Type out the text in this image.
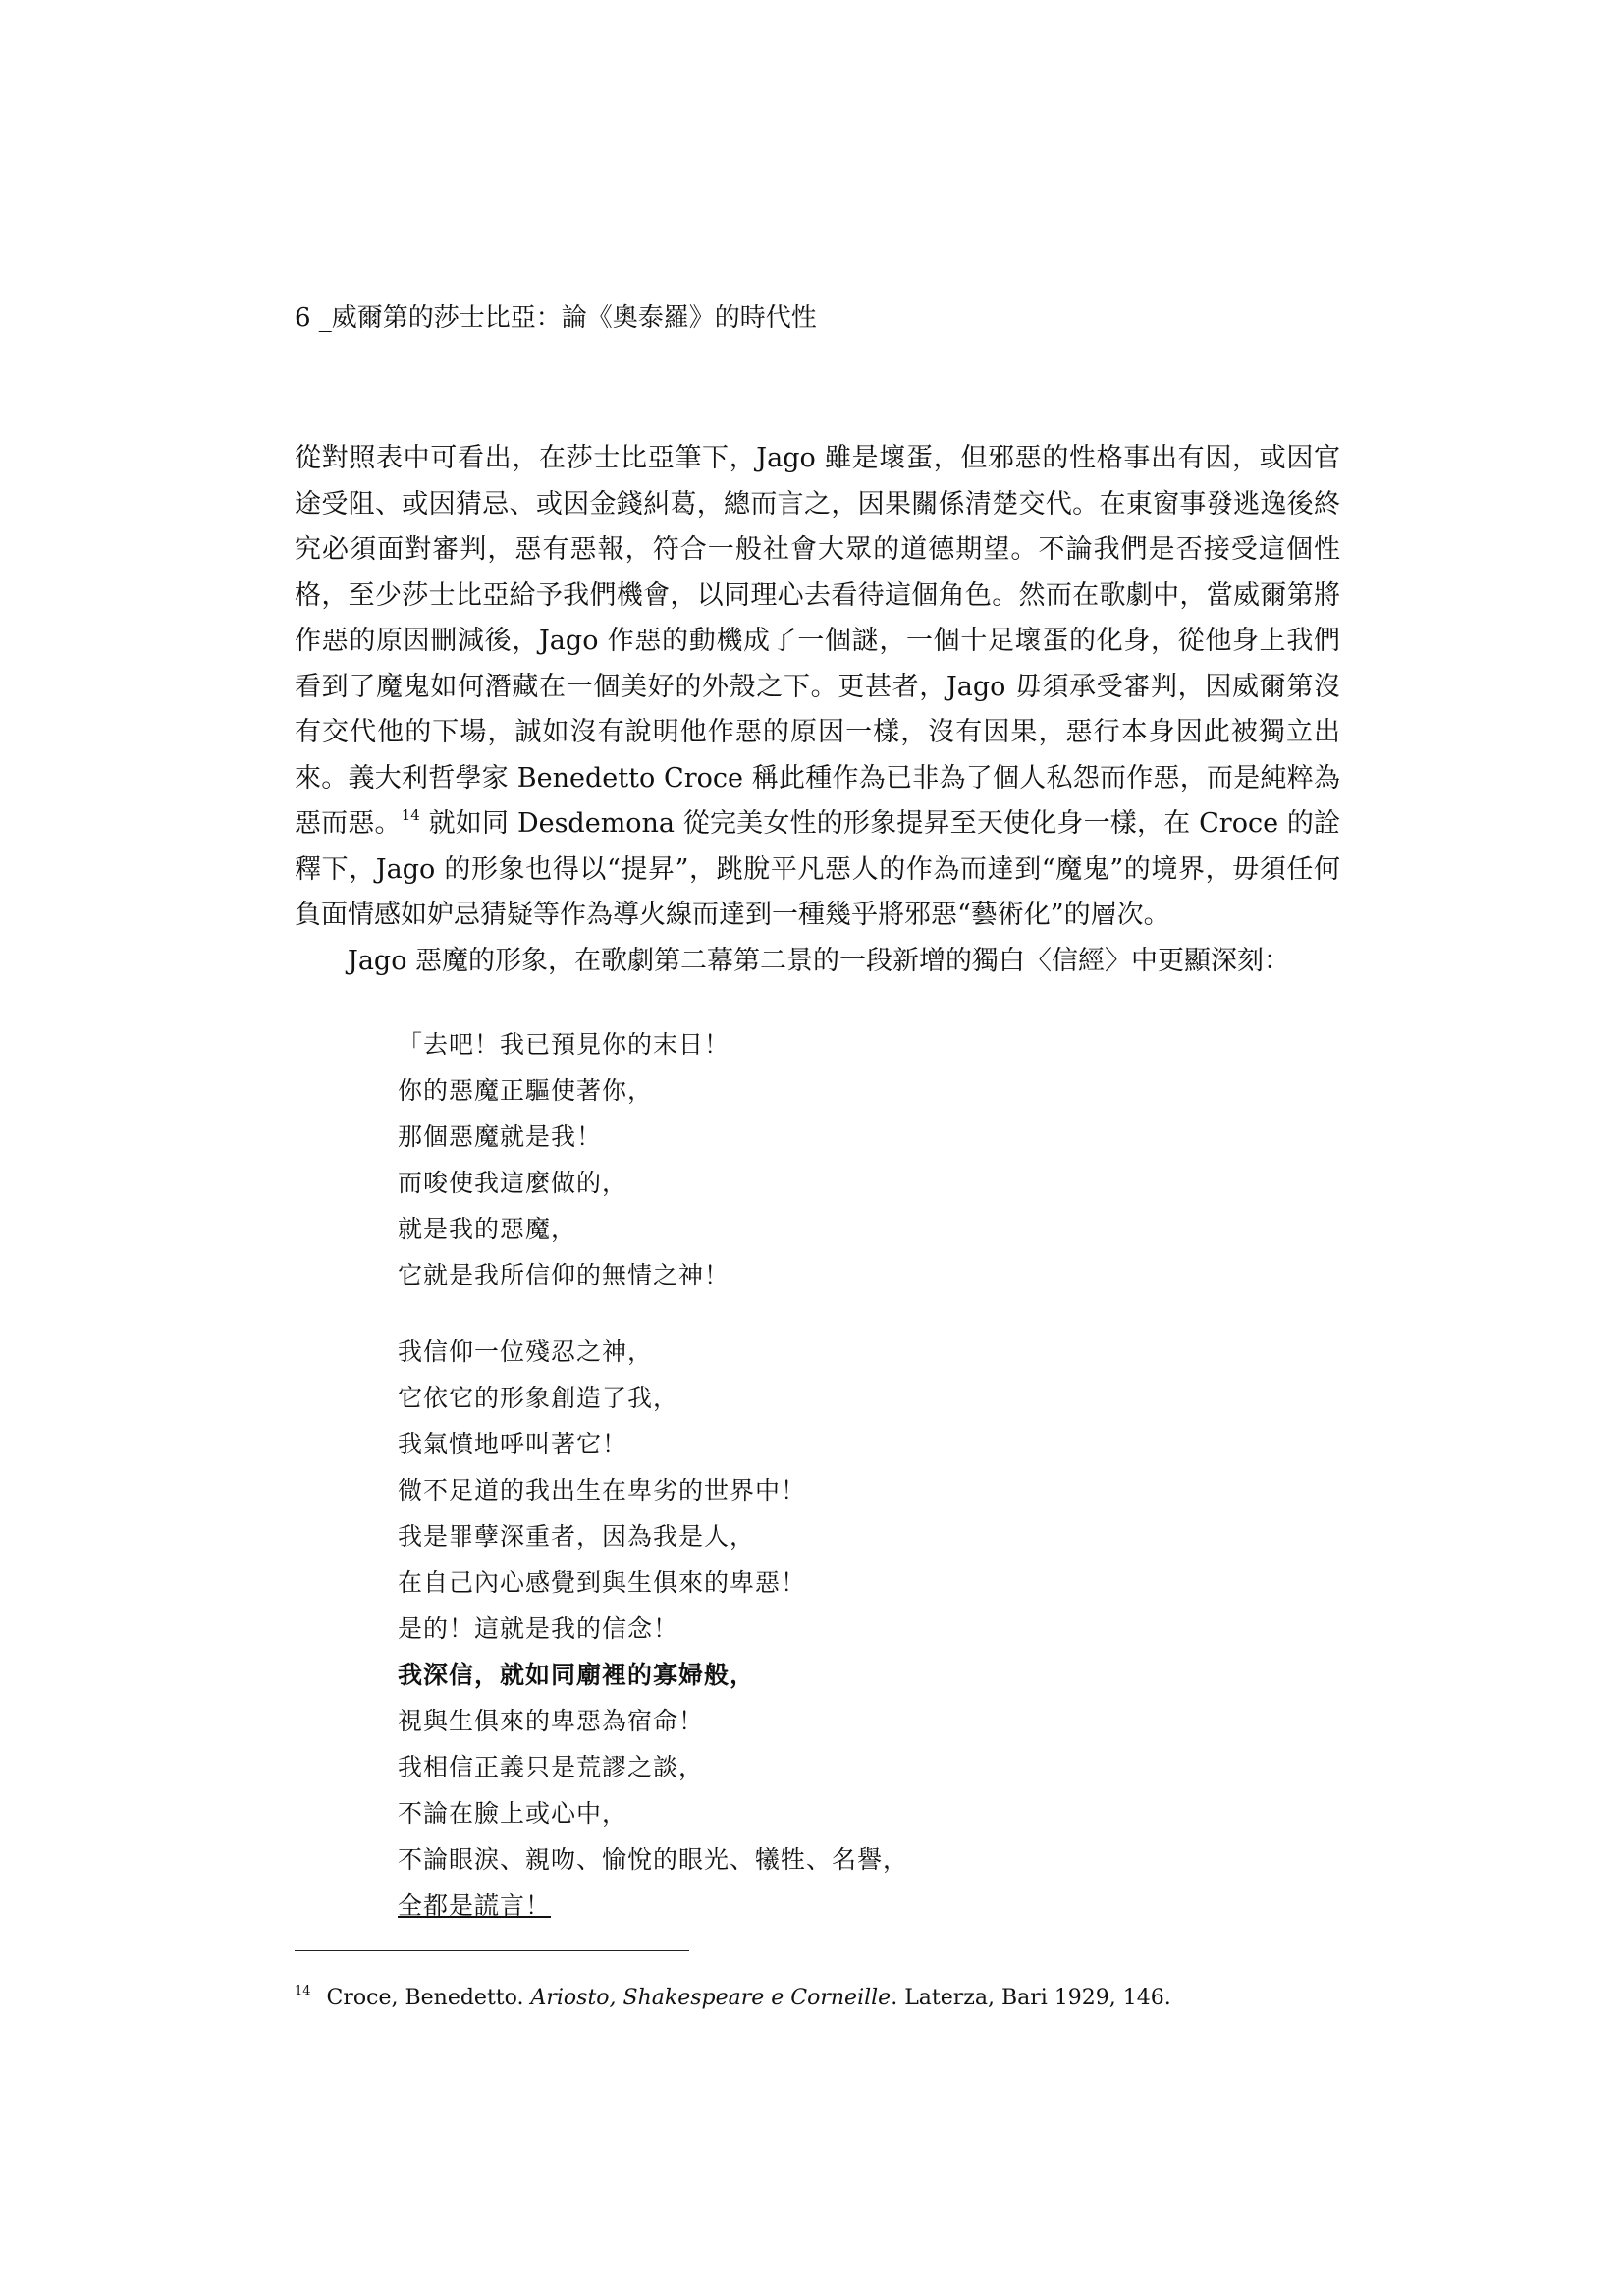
6 _威爾第的莎士比亞：論《奧泰羅》的時代性

從對照表中可看出，在莎士比亞筆下，Jago 雖是壞蛋，但邪惡的性格事出有因，或因官途受阻、或因猜忌、或因金錢糾葛，總而言之，因果關係清楚交代。在東窗事發逃逸後終究必須面對審判，惡有惡報，符合一般社會大眾的道德期望。不論我們是否接受這個性格，至少莎士比亞給予我們機會，以同理心去看待這個角色。然而在歌劇中，當威爾第將作惡的原因刪減後，Jago 作惡的動機成了一個謎，一個十足壞蛋的化身，從他身上我們看到了魔鬼如何潛藏在一個美好的外殼之下。更甚者，Jago 毋須承受審判，因威爾第沒有交代他的下場，誠如沒有說明他作惡的原因一樣，沒有因果，惡行本身因此被獨立出來。義大利哲學家 Benedetto Croce 稱此種作為已非為了個人私怨而作惡，而是純粹為惡而惡。$^{14}$ 就如同 Desdemona 從完美女性的形象提昇至天使化身一樣，在 Croce 的詮釋下，Jago 的形象也得以“提昇”，跳脫平凡惡人的作為而達到“魔鬼”的境界，毋須任何負面情感如妒忌猜疑等作為導火線而達到一種幾乎將邪惡“藝術化”的層次。

Jago 惡魔的形象，在歌劇第二幕第二景的一段新增的獨白〈信經〉中更顯深刻：

「去吧！我已預見你的末日！

你的惡魔正驅使著你，

那個惡魔就是我！

而唆使我這麼做的，

就是我的惡魔，

它就是我所信仰的無情之神！

我信仰一位殘忍之神，

它依它的形象創造了我，

我氣憤地呼叫著它！

微不足道的我出生在卑劣的世界中！

我是罪孽深重者，因為我是人，

在自己內心感覺到與生俱來的卑惡！

是的！這就是我的信念！

我深信，就如同廟裡的寡婦般，

視與生俱來的卑惡為宿命！

我相信正義只是荒謬之談，

不論在臉上或心中，

不論眼淚、親吻、愉悅的眼光、犧牲、名譽，

全都是謊言！

$^{14}$ Croce, Benedetto. Ariosto, Shakespeare e Corneille. Laterza, Bari 1929, 146.
